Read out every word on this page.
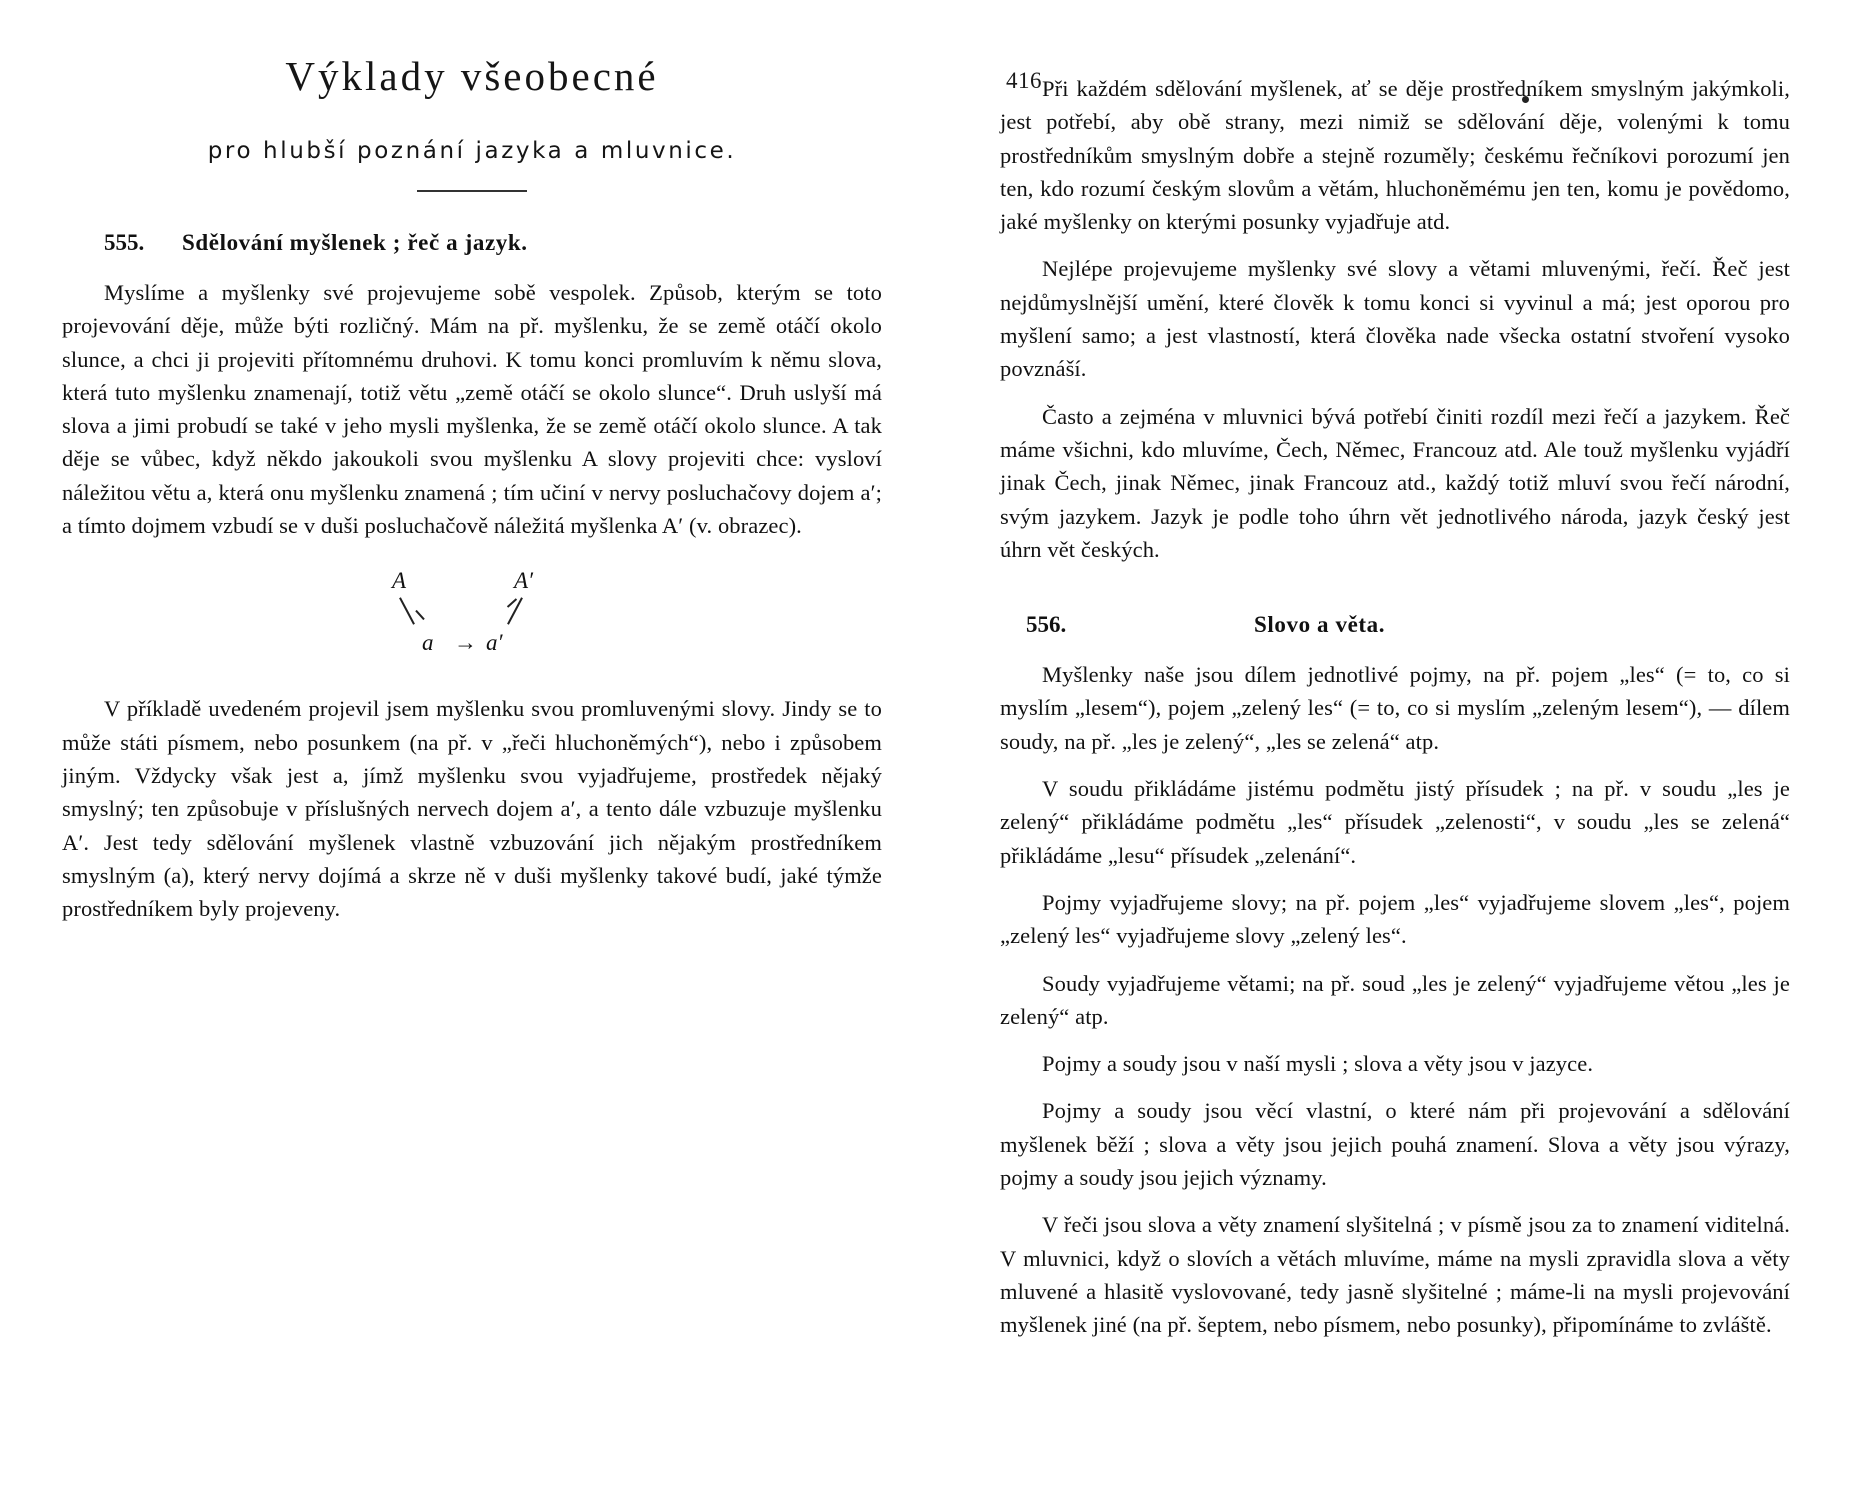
416
Výklady všeobecné
pro hlubší poznání jazyka a mluvnice.
555.	Sdělování myšlenek ; řeč a jazyk.

Myslíme a myšlenky své projevujeme sobě vespolek. Způsob, kterým se toto projevování děje, může býti rozličný. Mám na př. myšlenku, že se země otáčí okolo slunce, a chci ji projeviti přítomnému druhovi. K tomu konci promluvím k němu slova, která tuto myšlenku znamenají, totiž větu „země otáčí se okolo slunce“. Druh uslyší má slova a jimi probudí se také v jeho mysli myšlenka, že se země otáčí okolo slunce. A tak děje se vůbec, když někdo jakoukoli svou myšlenku A slovy projeviti chce: vysloví náležitou větu a, která onu myšlenku znamená ; tím učiní v nervy posluchačovy dojem a′; a tímto dojmem vzbudí se v duši posluchačově náležitá myšlenka A′ (v. obrazec).

A	A′
a → a′

V příkladě uvedeném projevil jsem myšlenku svou promluvenými slovy. Jindy se to může státi písmem, nebo posunkem (na př. v „řeči hluchoněmých“), nebo i způsobem jiným. Vždycky však jest a, jímž myšlenku svou vyjadřujeme, prostředek nějaký smyslný; ten způsobuje v příslušných nervech dojem a′, a tento dále vzbuzuje myšlenku A′. Jest tedy sdělování myšlenek vlastně vzbuzování jich nějakým prostředníkem smyslným (a), který nervy dojímá a skrze ně v duši myšlenky takové budí, jaké týmže prostředníkem byly projeveny.

Při každém sdělování myšlenek, ať se děje prostředníkem smyslným jakýmkoli, jest potřebí, aby obě strany, mezi nimiž se sdělování děje, volenými k tomu prostředníkům smyslným dobře a stejně rozuměly; českému řečníkovi porozumí jen ten, kdo rozumí českým slovům a větám, hluchoněmému jen ten, komu je povědomo, jaké myšlenky on kterými posunky vyjadřuje atd.

Nejlépe projevujeme myšlenky své slovy a větami mluvenými, řečí. Řeč jest nejdůmyslnější umění, které člověk k tomu konci si vyvinul a má; jest oporou pro myšlení samo; a jest vlastností, která člověka nade všecka ostatní stvoření vysoko povznáší.

Často a zejména v mluvnici bývá potřebí činiti rozdíl mezi řečí a jazykem. Řeč máme všichni, kdo mluvíme, Čech, Němec, Francouz atd. Ale touž myšlenku vyjádří jinak Čech, jinak Němec, jinak Francouz atd., každý totiž mluví svou řečí národní, svým jazykem. Jazyk je podle toho úhrn vět jednotlivého národa, jazyk český jest úhrn vět českých.

556.	Slovo a věta.

Myšlenky naše jsou dílem jednotlivé pojmy, na př. pojem „les“ (= to, co si myslím „lesem“), pojem „zelený les“ (= to, co si myslím „zeleným lesem“), — dílem soudy, na př. „les je zelený“, „les se zelená“ atp.

V soudu přikládáme jistému podmětu jistý přísudek ; na př. v soudu „les je zelený“ přikládáme podmětu „les“ přísudek „zelenosti“, v soudu „les se zelená“ přikládáme „lesu“ přísudek „zelenání“.

Pojmy vyjadřujeme slovy; na př. pojem „les“ vyjadřujeme slovem „les“, pojem „zelený les“ vyjadřujeme slovy „zelený les“.

Soudy vyjadřujeme větami; na př. soud „les je zelený“ vyjadřujeme větou „les je zelený“ atp.

Pojmy a soudy jsou v naší mysli ; slova a věty jsou v jazyce.

Pojmy a soudy jsou věcí vlastní, o které nám při projevování a sdělování myšlenek běží ; slova a věty jsou jejich pouhá znamení. Slova a věty jsou výrazy, pojmy a soudy jsou jejich významy.

V řeči jsou slova a věty znamení slyšitelná ; v písmě jsou za to znamení viditelná. V mluvnici, když o slovích a větách mluvíme, máme na mysli zpravidla slova a věty mluvené a hlasitě vyslovované, tedy jasně slyšitelné ; máme-li na mysli projevování myšlenek jiné (na př. šeptem, nebo písmem, nebo posunky), připomínáme to zvláště.
